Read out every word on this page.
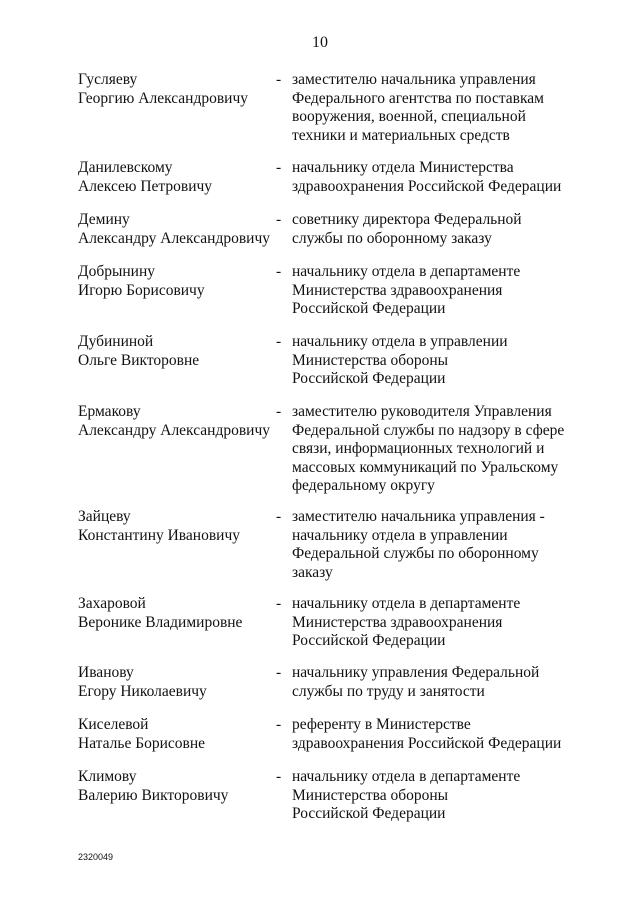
10
Гусляеву
Георгию Александровичу
- заместителю начальника управления
Федерального агентства по поставкам
вооружения, военной, специальной
техники и материальных средств
Данилевскому
Алексею Петровичу
- начальнику отдела Министерства
здравоохранения Российской Федерации
Демину
Александру Александровичу
- советнику директора Федеральной
службы по оборонному заказу
Добрынину
Игорю Борисовичу
- начальнику отдела в департаменте
Министерства здравоохранения
Российской Федерации
Дубининой
Ольге Викторовне
- начальнику отдела в управлении
Министерства обороны
Российской Федерации
Ермакову
Александру Александровичу
- заместителю руководителя Управления
Федеральной службы по надзору в сфере
связи, информационных технологий и
массовых коммуникаций по Уральскому
федеральному округу
Зайцеву
Константину Ивановичу
- заместителю начальника управления -
начальнику отдела в управлении
Федеральной службы по оборонному
заказу
Захаровой
Веронике Владимировне
- начальнику отдела в департаменте
Министерства здравоохранения
Российской Федерации
Иванову
Егору Николаевичу
- начальнику управления Федеральной
службы по труду и занятости
Киселевой
Наталье Борисовне
- референту в Министерстве
здравоохранения Российской Федерации
Климову
Валерию Викторовичу
- начальнику отдела в департаменте
Министерства обороны
Российской Федерации
2320049
